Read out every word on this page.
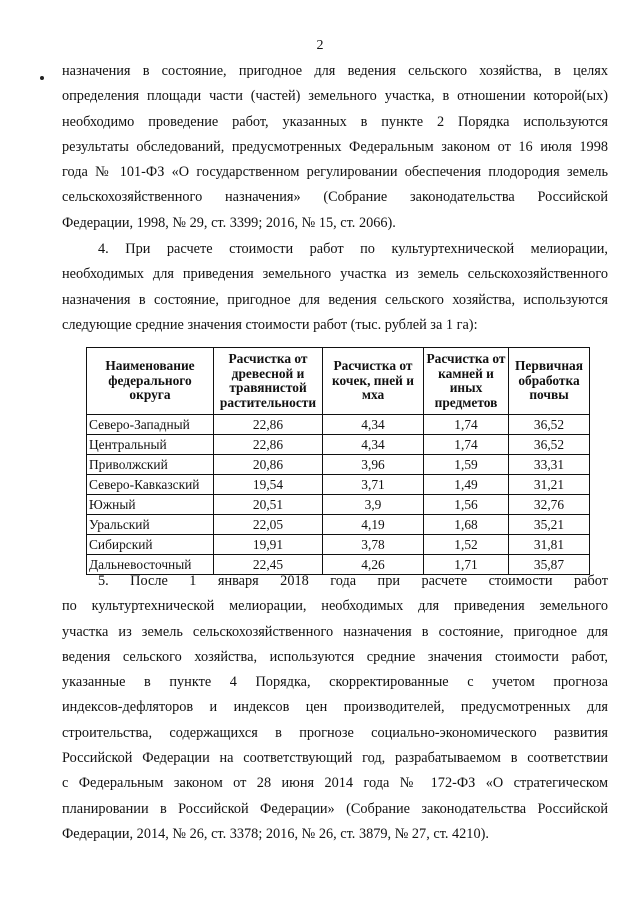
2
назначения в состояние, пригодное для ведения сельского хозяйства, в целях
определения площади части (частей) земельного участка, в отношении которой(ых)
необходимо проведение работ, указанных в пункте 2 Порядка используются
результаты обследований, предусмотренных Федеральным законом от 16 июля 1998
года № 101-ФЗ «О государственном регулировании обеспечения плодородия земель
сельскохозяйственного назначения» (Собрание законодательства Российской
Федерации, 1998, № 29, ст. 3399; 2016, № 15, ст. 2066).
4. При расчете стоимости работ по культуртехнической мелиорации,
необходимых для приведения земельного участка из земель сельскохозяйственного
назначения в состояние, пригодное для ведения сельского хозяйства, используются
следующие средние значения стоимости работ (тыс. рублей за 1 га):
Наименование федерального округа	Расчистка от древесной и травянистой растительности	Расчистка от кочек, пней и мха	Расчистка от камней и иных предметов	Первичная обработка почвы
Северо-Западный	22,86	4,34	1,74	36,52
Центральный	22,86	4,34	1,74	36,52
Приволжский	20,86	3,96	1,59	33,31
Северо-Кавказский	19,54	3,71	1,49	31,21
Южный	20,51	3,9	1,56	32,76
Уральский	22,05	4,19	1,68	35,21
Сибирский	19,91	3,78	1,52	31,81
Дальневосточный	22,45	4,26	1,71	35,87
5. После 1 января 2018 года при расчете стоимости работ
по культуртехнической мелиорации, необходимых для приведения земельного
участка из земель сельскохозяйственного назначения в состояние, пригодное для
ведения сельского хозяйства, используются средние значения стоимости работ,
указанные в пункте 4 Порядка, скорректированные с учетом прогноза
индексов-дефляторов и индексов цен производителей, предусмотренных для
строительства, содержащихся в прогнозе социально-экономического развития
Российской Федерации на соответствующий год, разрабатываемом в соответствии
с Федеральным законом от 28 июня 2014 года № 172-ФЗ «О стратегическом
планировании в Российской Федерации» (Собрание законодательства Российской
Федерации, 2014, № 26, ст. 3378; 2016, № 26, ст. 3879, № 27, ст. 4210).
